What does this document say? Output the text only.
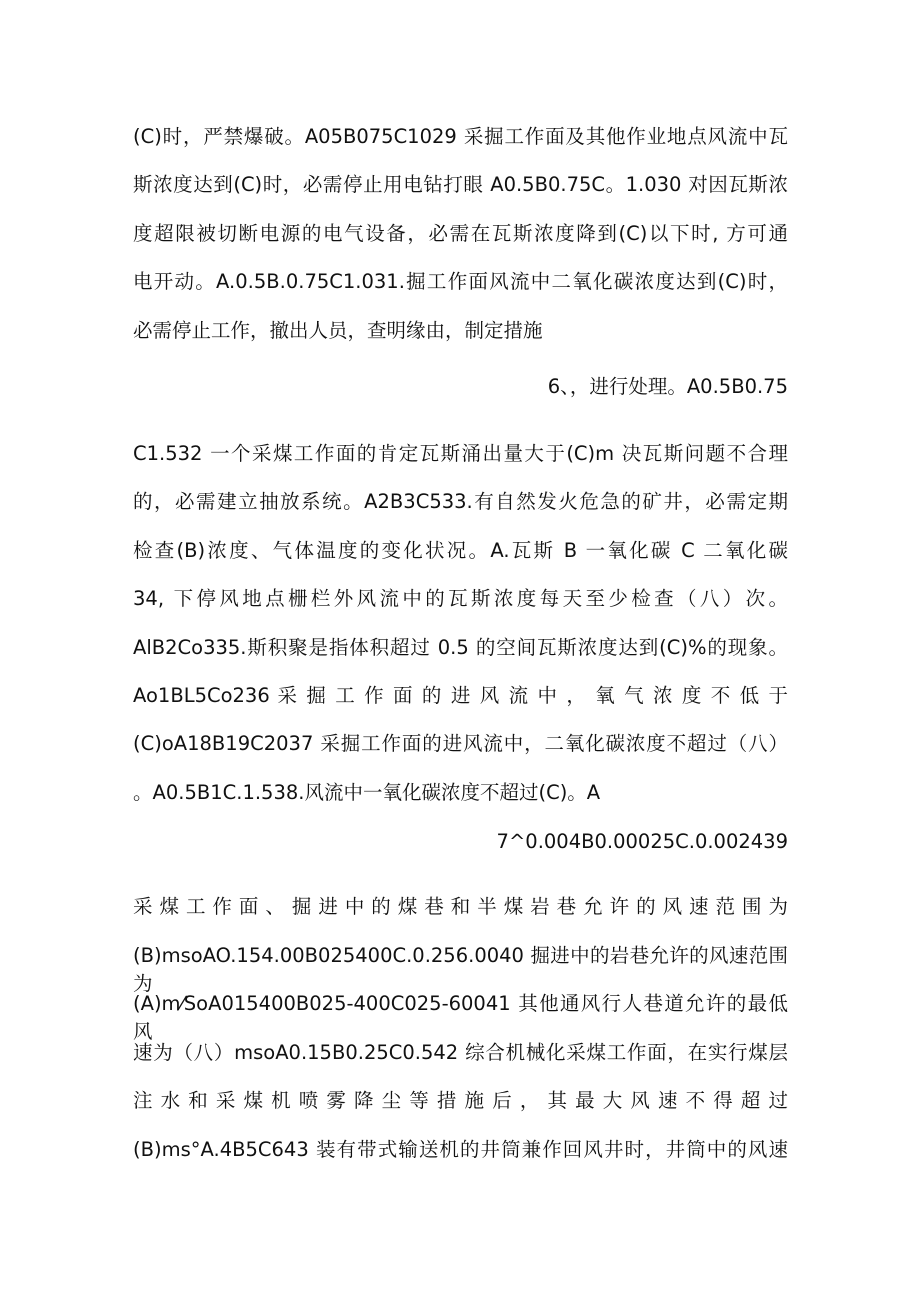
(C)时，严禁爆破。A05B075C1029 采掘工作面及其他作业地点风流中瓦
斯浓度达到(C)时，必需停止用电钻打眼 A0.5B0.75C。1.030 对因瓦斯浓
度超限被切断电源的电气设备，必需在瓦斯浓度降到(C)以下时, 方可通
电开动。A.0.5B.0.75C1.031.掘工作面风流中二氧化碳浓度达到(C)时，
必需停止工作，撤出人员，查明缘由，制定措施
6、，进行处理。A0.5B0.75
C1.532 一个采煤工作面的肯定瓦斯涌出量大于(C)m 决瓦斯问题不合理
的，必需建立抽放系统。A2B3C533.有自然发火危急的矿井，必需定期
检查(B)浓度、气体温度的变化状况。A.瓦斯 B 一氧化碳 C 二氧化碳
34, 下停风地点栅栏外风流中的瓦斯浓度每天至少检查（八）次。
AlB2Co335.斯积聚是指体积超过 0.5 的空间瓦斯浓度达到(C)%的现象。
Ao1BL5Co236 采 掘 工 作 面 的 进 风 流 中 ， 氧 气 浓 度 不 低 于
(C)oA18B19C2037 采掘工作面的进风流中，二氧化碳浓度不超过（八）
。A0.5B1C.1.538.风流中一氧化碳浓度不超过(C)。A
7^0.004B0.00025C.0.002439
采 煤 工 作 面 、 掘 进 中 的 煤 巷 和 半 煤 岩 巷 允 许 的 风 速 范 围 为
(B)msoAO.154.00B025400C.0.256.0040 掘进中的岩巷允许的风速范围为
(A)m⁄SoA015400B025-400C025-60041 其他通风行人巷道允许的最低风
速为（八）msoA0.15B0.25C0.542 综合机械化采煤工作面，在实行煤层
注 水 和 采 煤 机 喷 雾 降 尘 等 措 施 后 ， 其 最 大 风 速 不 得 超 过
(B)ms°A.4B5C643 装有带式输送机的井筒兼作回风井时，井筒中的风速
